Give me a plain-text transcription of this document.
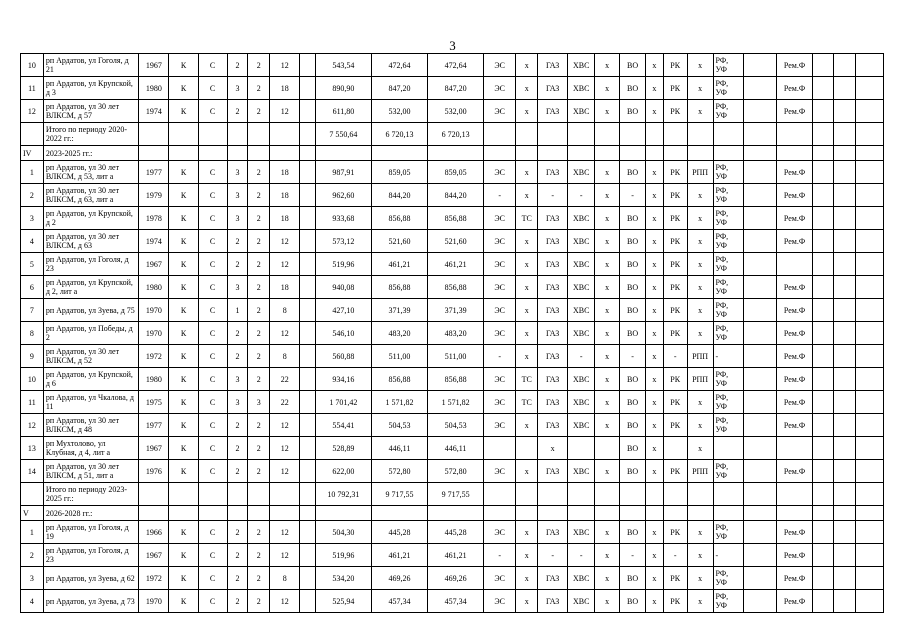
3
10	рп Ардатов, ул Гоголя, д 21	1967	К	С	2	2	12		543,54	472,64	472,64	ЭС	х	ГАЗ	ХВС	х	ВО	х	РК	х	РФ, УФ		Рем.Ф			
11	рп Ардатов, ул Крупской, д 3	1980	К	С	3	2	18		890,90	847,20	847,20	ЭС	х	ГАЗ	ХВС	х	ВО	х	РК	х	РФ, УФ		Рем.Ф			
12	рп Ардатов, ул 30 лет ВЛКСМ, д 57	1974	К	С	2	2	12		611,80	532,00	532,00	ЭС	х	ГАЗ	ХВС	х	ВО	х	РК	х	РФ, УФ		Рем.Ф			
	Итого по периоду 2020-2022 гг.:								7 550,64	6 720,13	6 720,13															
IV	2023-2025 гг.:																									
1	рп Ардатов, ул 30 лет ВЛКСМ, д 53, лит а	1977	К	С	3	2	18		987,91	859,05	859,05	ЭС	х	ГАЗ	ХВС	х	ВО	х	РК	РПП	РФ, УФ		Рем.Ф			
2	рп Ардатов, ул 30 лет ВЛКСМ, д 63, лит а	1979	К	С	3	2	18		962,60	844,20	844,20	-	х	-	-	х	-	х	РК	х	РФ, УФ		Рем.Ф			
3	рп Ардатов, ул Крупской, д 2	1978	К	С	3	2	18		933,68	856,88	856,88	ЭС	ТС	ГАЗ	ХВС	х	ВО	х	РК	х	РФ, УФ		Рем.Ф			
4	рп Ардатов, ул 30 лет ВЛКСМ, д 63	1974	К	С	2	2	12		573,12	521,60	521,60	ЭС	х	ГАЗ	ХВС	х	ВО	х	РК	х	РФ, УФ		Рем.Ф			
5	рп Ардатов, ул Гоголя, д 23	1967	К	С	2	2	12		519,96	461,21	461,21	ЭС	х	ГАЗ	ХВС	х	ВО	х	РК	х	РФ, УФ					
6	рп Ардатов, ул Крупской, д 2, лит а	1980	К	С	3	2	18		940,08	856,88	856,88	ЭС	х	ГАЗ	ХВС	х	ВО	х	РК	х	РФ, УФ		Рем.Ф			
7	рп Ардатов, ул Зуева, д 75	1970	К	С	1	2	8		427,10	371,39	371,39	ЭС	х	ГАЗ	ХВС	х	ВО	х	РК	х	РФ, УФ		Рем.Ф			
8	рп Ардатов, ул Победы, д 2	1970	К	С	2	2	12		546,10	483,20	483,20	ЭС	х	ГАЗ	ХВС	х	ВО	х	РК	х	РФ, УФ		Рем.Ф			
9	рп Ардатов, ул 30 лет ВЛКСМ, д 52	1972	К	С	2	2	8		560,88	511,00	511,00	-	х	ГАЗ	-	х	-	х	-	РПП	-		Рем.Ф			
10	рп Ардатов, ул Крупской, д 6	1980	К	С	3	2	22		934,16	856,88	856,88	ЭС	ТС	ГАЗ	ХВС	х	ВО	х	РК	РПП	РФ, УФ		Рем.Ф			
11	рп Ардатов, ул Чкалова, д 11	1975	К	С	3	3	22		1 701,42	1 571,82	1 571,82	ЭС	ТС	ГАЗ	ХВС	х	ВО	х	РК	х	РФ, УФ		Рем.Ф			
12	рп Ардатов, ул 30 лет ВЛКСМ, д 48	1977	К	С	2	2	12		554,41	504,53	504,53	ЭС	х	ГАЗ	ХВС	х	ВО	х	РК	х	РФ, УФ		Рем.Ф			
13	рп Мухтолово, ул Клубная, д 4, лит а	1967	К	С	2	2	12		528,89	446,11	446,11			х			ВО	х		х						
14	рп Ардатов, ул 30 лет ВЛКСМ, д 51, лит а	1976	К	С	2	2	12		622,00	572,80	572,80	ЭС	х	ГАЗ	ХВС	х	ВО	х	РК	РПП	РФ, УФ		Рем.Ф			
	Итого по периоду 2023-2025 гг.:								10 792,31	9 717,55	9 717,55															
V	2026-2028 гг.:																									
1	рп Ардатов, ул Гоголя, д 19	1966	К	С	2	2	12		504,30	445,28	445,28	ЭС	х	ГАЗ	ХВС	х	ВО	х	РК	х	РФ, УФ		Рем.Ф			
2	рп Ардатов, ул Гоголя, д 23	1967	К	С	2	2	12		519,96	461,21	461,21	-	х	-	-	х	-	х	-	х	-		Рем.Ф			
3	рп Ардатов, ул Зуева, д 62	1972	К	С	2	2	8		534,20	469,26	469,26	ЭС	х	ГАЗ	ХВС	х	ВО	х	РК	х	РФ, УФ		Рем.Ф			
4	рп Ардатов, ул Зуева, д 73	1970	К	С	2	2	12		525,94	457,34	457,34	ЭС	х	ГАЗ	ХВС	х	ВО	х	РК	х	РФ, УФ		Рем.Ф			
